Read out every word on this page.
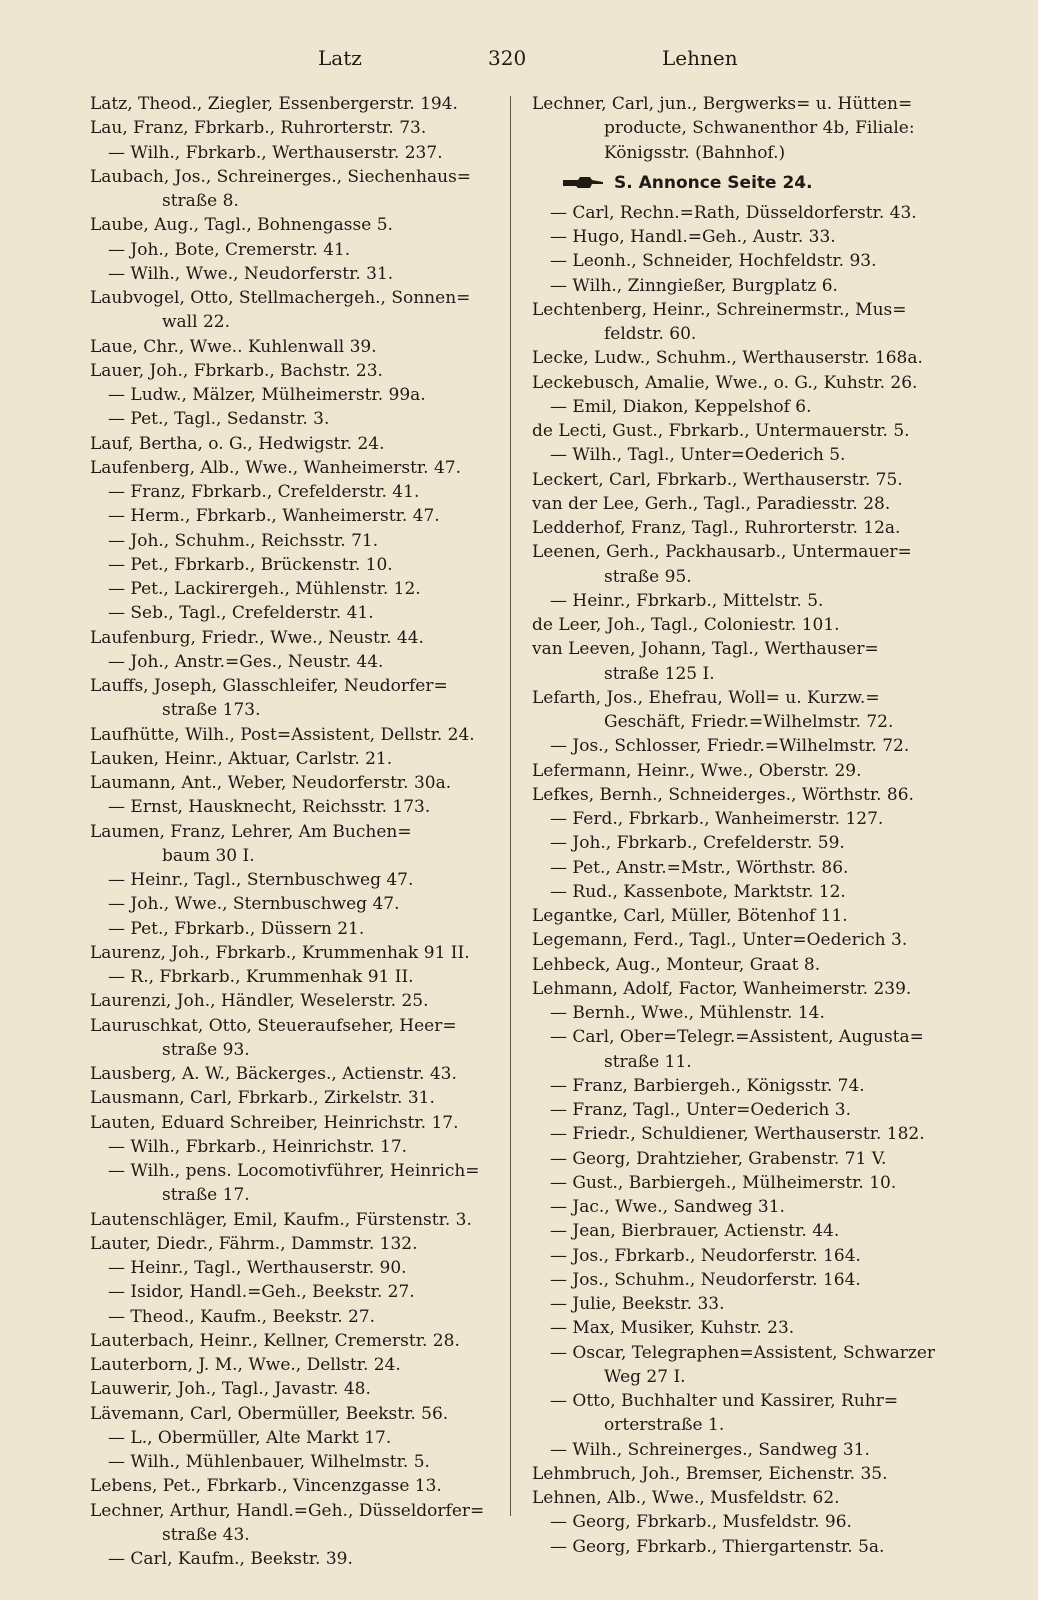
Latz	320	Lehnen
Latz, Theod., Ziegler, Essenbergerstr. 194.
Lau, Franz, Fbrkarb., Ruhrorterstr. 73.
— Wilh., Fbrkarb., Werthauserstr. 237.
Laubach, Jos., Schreinerges., Siechenhaus=
straße 8.
Laube, Aug., Tagl., Bohnengasse 5.
— Joh., Bote, Cremerstr. 41.
— Wilh., Wwe., Neudorferstr. 31.
Laubvogel, Otto, Stellmachergeh., Sonnen=
wall 22.
Laue, Chr., Wwe.. Kuhlenwall 39.
Lauer, Joh., Fbrkarb., Bachstr. 23.
— Ludw., Mälzer, Mülheimerstr. 99a.
— Pet., Tagl., Sedanstr. 3.
Lauf, Bertha, o. G., Hedwigstr. 24.
Laufenberg, Alb., Wwe., Wanheimerstr. 47.
— Franz, Fbrkarb., Crefelderstr. 41.
— Herm., Fbrkarb., Wanheimerstr. 47.
— Joh., Schuhm., Reichsstr. 71.
— Pet., Fbrkarb., Brückenstr. 10.
— Pet., Lackirergeh., Mühlenstr. 12.
— Seb., Tagl., Crefelderstr. 41.
Laufenburg, Friedr., Wwe., Neustr. 44.
— Joh., Anstr.=Ges., Neustr. 44.
Lauffs, Joseph, Glasschleifer, Neudorfer=
straße 173.
Laufhütte, Wilh., Post=Assistent, Dellstr. 24.
Lauken, Heinr., Aktuar, Carlstr. 21.
Laumann, Ant., Weber, Neudorferstr. 30a.
— Ernst, Hausknecht, Reichsstr. 173.
Laumen, Franz, Lehrer, Am Buchen=
baum 30 I.
— Heinr., Tagl., Sternbuschweg 47.
— Joh., Wwe., Sternbuschweg 47.
— Pet., Fbrkarb., Düssern 21.
Laurenz, Joh., Fbrkarb., Krummenhak 91 II.
— R., Fbrkarb., Krummenhak 91 II.
Laurenzi, Joh., Händler, Weselerstr. 25.
Lauruschkat, Otto, Steueraufseher, Heer=
straße 93.
Lausberg, A. W., Bäckerges., Actienstr. 43.
Lausmann, Carl, Fbrkarb., Zirkelstr. 31.
Lauten, Eduard Schreiber, Heinrichstr. 17.
— Wilh., Fbrkarb., Heinrichstr. 17.
— Wilh., pens. Locomotivführer, Heinrich=
straße 17.
Lautenschläger, Emil, Kaufm., Fürstenstr. 3.
Lauter, Diedr., Fährm., Dammstr. 132.
— Heinr., Tagl., Werthauserstr. 90.
— Isidor, Handl.=Geh., Beekstr. 27.
— Theod., Kaufm., Beekstr. 27.
Lauterbach, Heinr., Kellner, Cremerstr. 28.
Lauterborn, J. M., Wwe., Dellstr. 24.
Lauwerir, Joh., Tagl., Javastr. 48.
Lävemann, Carl, Obermüller, Beekstr. 56.
— L., Obermüller, Alte Markt 17.
— Wilh., Mühlenbauer, Wilhelmstr. 5.
Lebens, Pet., Fbrkarb., Vincenzgasse 13.
Lechner, Arthur, Handl.=Geh., Düsseldorfer=
straße 43.
— Carl, Kaufm., Beekstr. 39.
Lechner, Carl, jun., Bergwerks= u. Hütten=
producte, Schwanenthor 4b, Filiale:
Königsstr. (Bahnhof.)
S. Annonce Seite 24.
— Carl, Rechn.=Rath, Düsseldorferstr. 43.
— Hugo, Handl.=Geh., Austr. 33.
— Leonh., Schneider, Hochfeldstr. 93.
— Wilh., Zinngießer, Burgplatz 6.
Lechtenberg, Heinr., Schreinermstr., Mus=
feldstr. 60.
Lecke, Ludw., Schuhm., Werthauserstr. 168a.
Leckebusch, Amalie, Wwe., o. G., Kuhstr. 26.
— Emil, Diakon, Keppelshof 6.
de Lecti, Gust., Fbrkarb., Untermauerstr. 5.
— Wilh., Tagl., Unter=Oederich 5.
Leckert, Carl, Fbrkarb., Werthauserstr. 75.
van der Lee, Gerh., Tagl., Paradiesstr. 28.
Ledderhof, Franz, Tagl., Ruhrorterstr. 12a.
Leenen, Gerh., Packhausarb., Untermauer=
straße 95.
— Heinr., Fbrkarb., Mittelstr. 5.
de Leer, Joh., Tagl., Coloniestr. 101.
van Leeven, Johann, Tagl., Werthauser=
straße 125 I.
Lefarth, Jos., Ehefrau, Woll= u. Kurzw.=
Geschäft, Friedr.=Wilhelmstr. 72.
— Jos., Schlosser, Friedr.=Wilhelmstr. 72.
Lefermann, Heinr., Wwe., Oberstr. 29.
Lefkes, Bernh., Schneiderges., Wörthstr. 86.
— Ferd., Fbrkarb., Wanheimerstr. 127.
— Joh., Fbrkarb., Crefelderstr. 59.
— Pet., Anstr.=Mstr., Wörthstr. 86.
— Rud., Kassenbote, Marktstr. 12.
Legantke, Carl, Müller, Bötenhof 11.
Legemann, Ferd., Tagl., Unter=Oederich 3.
Lehbeck, Aug., Monteur, Graat 8.
Lehmann, Adolf, Factor, Wanheimerstr. 239.
— Bernh., Wwe., Mühlenstr. 14.
— Carl, Ober=Telegr.=Assistent, Augusta=
straße 11.
— Franz, Barbiergeh., Königsstr. 74.
— Franz, Tagl., Unter=Oederich 3.
— Friedr., Schuldiener, Werthauserstr. 182.
— Georg, Drahtzieher, Grabenstr. 71 V.
— Gust., Barbiergeh., Mülheimerstr. 10.
— Jac., Wwe., Sandweg 31.
— Jean, Bierbrauer, Actienstr. 44.
— Jos., Fbrkarb., Neudorferstr. 164.
— Jos., Schuhm., Neudorferstr. 164.
— Julie, Beekstr. 33.
— Max, Musiker, Kuhstr. 23.
— Oscar, Telegraphen=Assistent, Schwarzer
Weg 27 I.
— Otto, Buchhalter und Kassirer, Ruhr=
orterstraße 1.
— Wilh., Schreinerges., Sandweg 31.
Lehmbruch, Joh., Bremser, Eichenstr. 35.
Lehnen, Alb., Wwe., Musfeldstr. 62.
— Georg, Fbrkarb., Musfeldstr. 96.
— Georg, Fbrkarb., Thiergartenstr. 5a.
